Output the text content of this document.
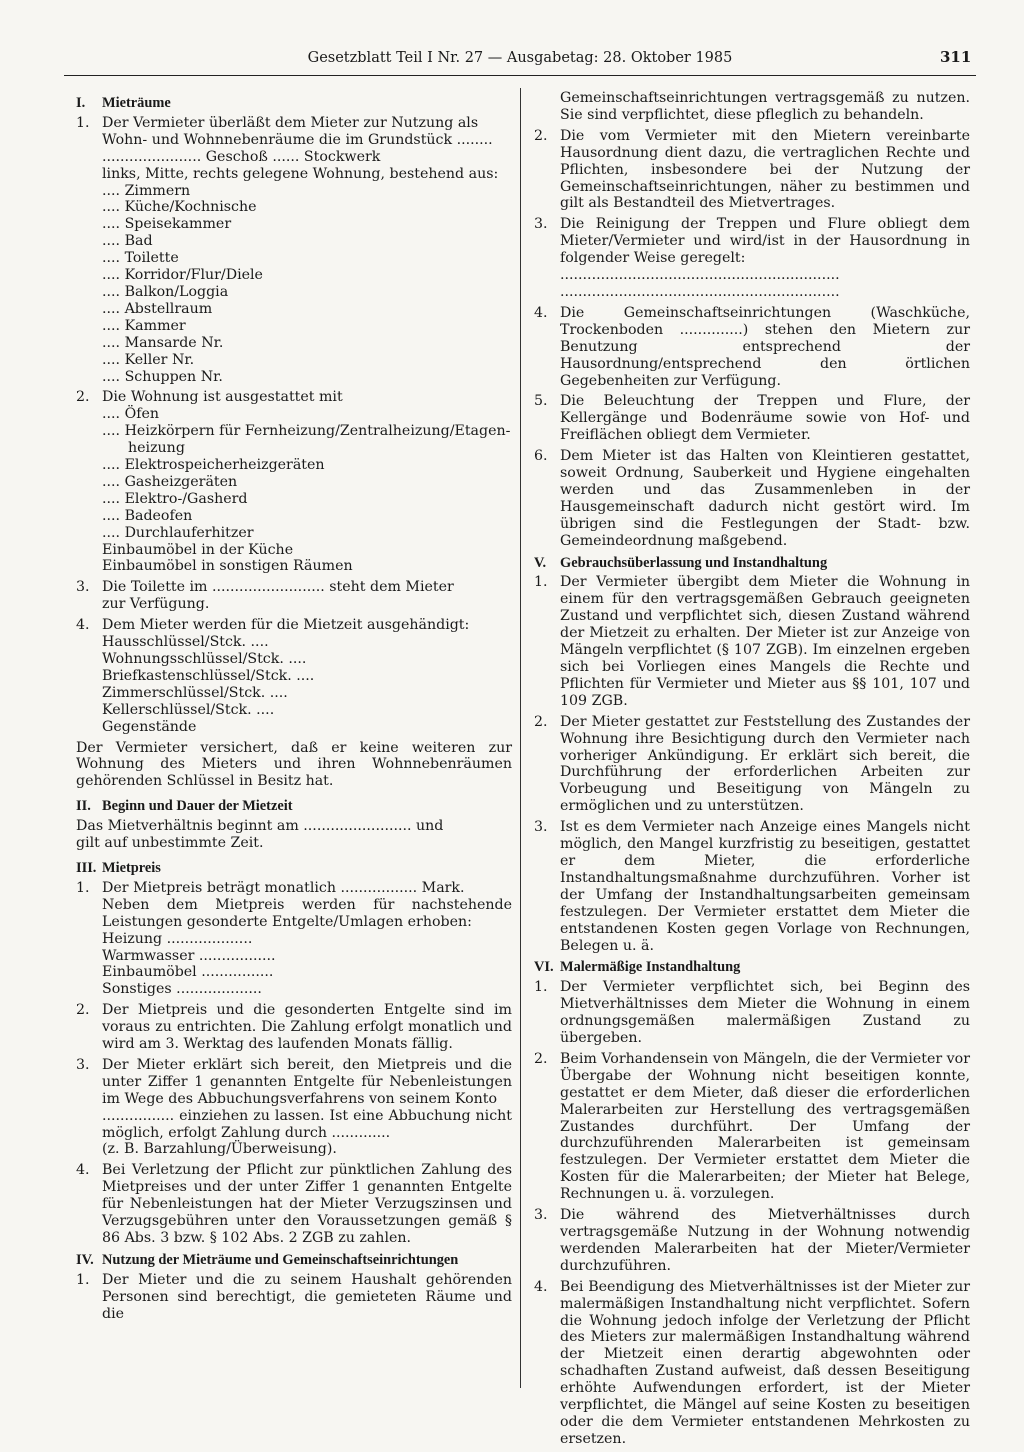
Gesetzblatt Teil I Nr. 27 — Ausgabetag: 28. Oktober 1985	311
I. Mieträume
1. Der Vermieter überläßt dem Mieter zur Nutzung als
Wohn- und Wohnnebenräume die im Grundstück ........
...................... Geschoß ...... Stockwerk
links, Mitte, rechts gelegene Wohnung, bestehend aus:
.... Zimmern
.... Küche/Kochnische
.... Speisekammer
.... Bad
.... Toilette
.... Korridor/Flur/Diele
.... Balkon/Loggia
.... Abstellraum
.... Kammer
.... Mansarde Nr.
.... Keller Nr.
.... Schuppen Nr.
2. Die Wohnung ist ausgestattet mit
.... Öfen
.... Heizkörpern für Fernheizung/Zentralheizung/Etagen-
heizung
.... Elektrospeicherheizgeräten
.... Gasheizgeräten
.... Elektro-/Gasherd
.... Badeofen
.... Durchlauferhitzer
Einbaumöbel in der Küche
Einbaumöbel in sonstigen Räumen
3. Die Toilette im ......................... steht dem Mieter
zur Verfügung.
4. Dem Mieter werden für die Mietzeit ausgehändigt:
Hausschlüssel/Stck. ....
Wohnungsschlüssel/Stck. ....
Briefkastenschlüssel/Stck. ....
Zimmerschlüssel/Stck. ....
Kellerschlüssel/Stck. ....
Gegenstände
Der Vermieter versichert, daß er keine weiteren zur Wohnung des Mieters und ihren Wohnnebenräumen gehörenden Schlüssel in Besitz hat.
II. Beginn und Dauer der Mietzeit
Das Mietverhältnis beginnt am ........................ und
gilt auf unbestimmte Zeit.
III. Mietpreis
1. Der Mietpreis beträgt monatlich ................. Mark.
Neben dem Mietpreis werden für nachstehende Leistungen gesonderte Entgelte/Umlagen erhoben:
Heizung ...................
Warmwasser .................
Einbaumöbel ................
Sonstiges ...................
2. Der Mietpreis und die gesonderten Entgelte sind im voraus zu entrichten. Die Zahlung erfolgt monatlich und wird am 3. Werktag des laufenden Monats fällig.
3. Der Mieter erklärt sich bereit, den Mietpreis und die unter Ziffer 1 genannten Entgelte für Nebenleistungen im Wege des Abbuchungsverfahrens von seinem Konto
................ einziehen zu lassen. Ist eine Abbuchung nicht möglich, erfolgt Zahlung durch .............
(z. B. Barzahlung/Überweisung).
4. Bei Verletzung der Pflicht zur pünktlichen Zahlung des Mietpreises und der unter Ziffer 1 genannten Entgelte für Nebenleistungen hat der Mieter Verzugszinsen und Verzugsgebühren unter den Voraussetzungen gemäß § 86 Abs. 3 bzw. § 102 Abs. 2 ZGB zu zahlen.
IV. Nutzung der Mieträume und Gemeinschaftseinrichtungen
1. Der Mieter und die zu seinem Haushalt gehörenden Personen sind berechtigt, die gemieteten Räume und die
Gemeinschaftseinrichtungen vertragsgemäß zu nutzen. Sie sind verpflichtet, diese pfleglich zu behandeln.
2. Die vom Vermieter mit den Mietern vereinbarte Hausordnung dient dazu, die vertraglichen Rechte und Pflichten, insbesondere bei der Nutzung der Gemeinschaftseinrichtungen, näher zu bestimmen und gilt als Bestandteil des Mietvertrages.
3. Die Reinigung der Treppen und Flure obliegt dem Mieter/Vermieter und wird/ist in der Hausordnung in folgender Weise geregelt:
..............................................................
..............................................................
4. Die Gemeinschaftseinrichtungen (Waschküche, Trockenboden ..............) stehen den Mietern zur Benutzung entsprechend der Hausordnung/entsprechend den örtlichen Gegebenheiten zur Verfügung.
5. Die Beleuchtung der Treppen und Flure, der Kellergänge und Bodenräume sowie von Hof- und Freiflächen obliegt dem Vermieter.
6. Dem Mieter ist das Halten von Kleintieren gestattet, soweit Ordnung, Sauberkeit und Hygiene eingehalten werden und das Zusammenleben in der Hausgemeinschaft dadurch nicht gestört wird. Im übrigen sind die Festlegungen der Stadt- bzw. Gemeindeordnung maßgebend.
V. Gebrauchsüberlassung und Instandhaltung
1. Der Vermieter übergibt dem Mieter die Wohnung in einem für den vertragsgemäßen Gebrauch geeigneten Zustand und verpflichtet sich, diesen Zustand während der Mietzeit zu erhalten. Der Mieter ist zur Anzeige von Mängeln verpflichtet (§ 107 ZGB). Im einzelnen ergeben sich bei Vorliegen eines Mangels die Rechte und Pflichten für Vermieter und Mieter aus §§ 101, 107 und 109 ZGB.
2. Der Mieter gestattet zur Feststellung des Zustandes der Wohnung ihre Besichtigung durch den Vermieter nach vorheriger Ankündigung. Er erklärt sich bereit, die Durchführung der erforderlichen Arbeiten zur Vorbeugung und Beseitigung von Mängeln zu ermöglichen und zu unterstützen.
3. Ist es dem Vermieter nach Anzeige eines Mangels nicht möglich, den Mangel kurzfristig zu beseitigen, gestattet er dem Mieter, die erforderliche Instandhaltungsmaßnahme durchzuführen. Vorher ist der Umfang der Instandhaltungsarbeiten gemeinsam festzulegen. Der Vermieter erstattet dem Mieter die entstandenen Kosten gegen Vorlage von Rechnungen, Belegen u. ä.
VI. Malermäßige Instandhaltung
1. Der Vermieter verpflichtet sich, bei Beginn des Mietverhältnisses dem Mieter die Wohnung in einem ordnungsgemäßen malermäßigen Zustand zu übergeben.
2. Beim Vorhandensein von Mängeln, die der Vermieter vor Übergabe der Wohnung nicht beseitigen konnte, gestattet er dem Mieter, daß dieser die erforderlichen Malerarbeiten zur Herstellung des vertragsgemäßen Zustandes durchführt. Der Umfang der durchzuführenden Malerarbeiten ist gemeinsam festzulegen. Der Vermieter erstattet dem Mieter die Kosten für die Malerarbeiten; der Mieter hat Belege, Rechnungen u. ä. vorzulegen.
3. Die während des Mietverhältnisses durch vertragsgemäße Nutzung in der Wohnung notwendig werdenden Malerarbeiten hat der Mieter/Vermieter durchzuführen.
4. Bei Beendigung des Mietverhältnisses ist der Mieter zur malermäßigen Instandhaltung nicht verpflichtet. Sofern die Wohnung jedoch infolge der Verletzung der Pflicht des Mieters zur malermäßigen Instandhaltung während der Mietzeit einen derartig abgewohnten oder schadhaften Zustand aufweist, daß dessen Beseitigung erhöhte Aufwendungen erfordert, ist der Mieter verpflichtet, die Mängel auf seine Kosten zu beseitigen oder die dem Vermieter entstandenen Mehrkosten zu ersetzen.
